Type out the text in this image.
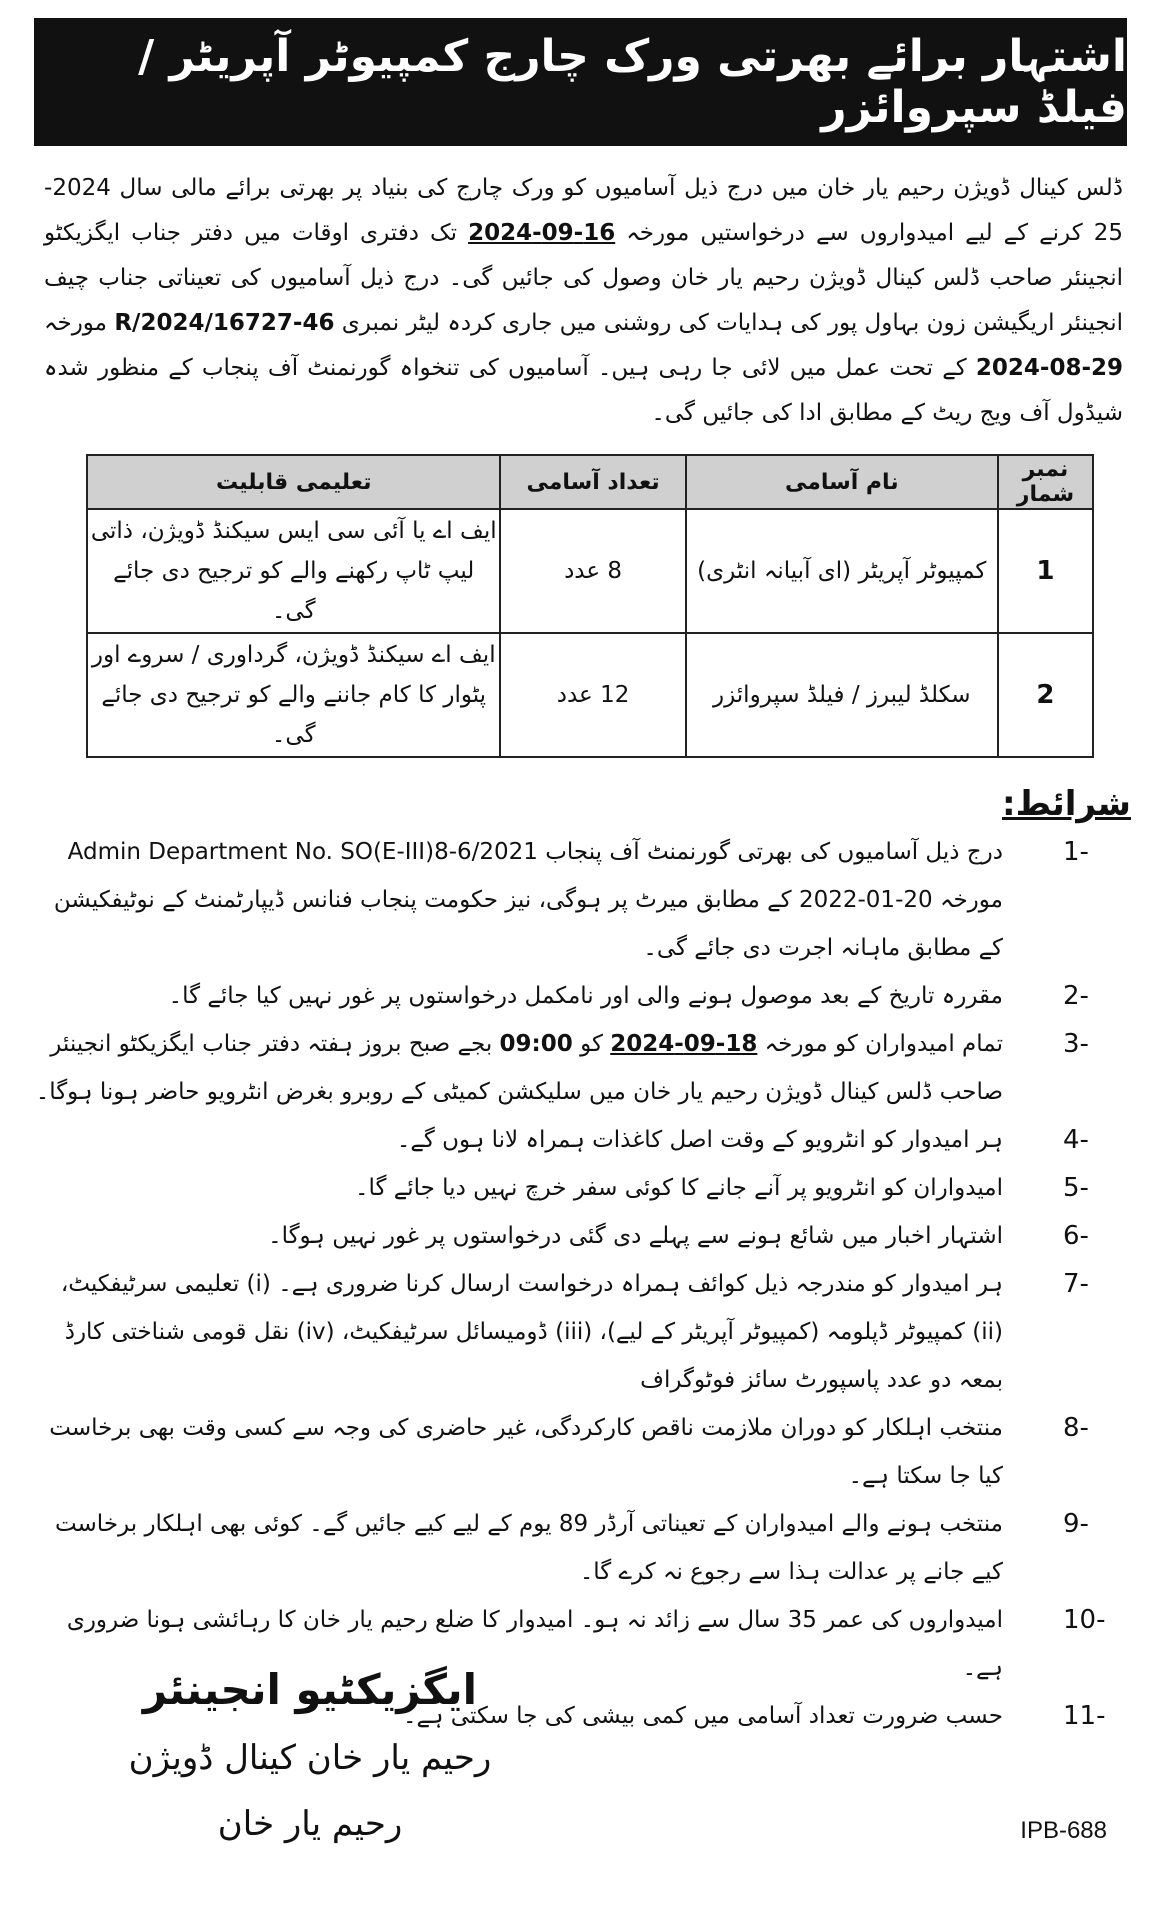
اشتہار برائے بھرتی ورک چارج کمپیوٹر آپریٹر / فیلڈ سپروائزر
ڈلس کینال ڈویژن رحیم یار خان میں درج ذیل آسامیوں کو ورک چارج کی بنیاد پر بھرتی برائے مالی سال 2024-25 کرنے کے لیے امیدواروں سے درخواستیں مورخہ 16-09-2024 تک دفتری اوقات میں دفتر جناب ایگزیکٹو انجینئر صاحب ڈلس کینال ڈویژن رحیم یار خان وصول کی جائیں گی۔ درج ذیل آسامیوں کی تعیناتی جناب چیف انجینئر اریگیشن زون بہاول پور کی ہدایات کی روشنی میں جاری کردہ لیٹر نمبری 46-16727/R/2024 مورخہ 29-08-2024 کے تحت عمل میں لائی جا رہی ہیں۔ آسامیوں کی تنخواہ گورنمنٹ آف پنجاب کے منظور شدہ شیڈول آف ویج ریٹ کے مطابق ادا کی جائیں گی۔
نمبر شمار	نام آسامی	تعداد آسامی	تعلیمی قابلیت
1	کمپیوٹر آپریٹر (ای آبیانہ انٹری)	8 عدد	ایف اے یا آئی سی ایس سیکنڈ ڈویژن، ذاتی لیپ ٹاپ رکھنے والے کو ترجیح دی جائے گی۔
2	سکلڈ لیبرز / فیلڈ سپروائزر	12 عدد	ایف اے سیکنڈ ڈویژن، گرداوری / سروے اور پٹوار کا کام جاننے والے کو ترجیح دی جائے گی۔
شرائط:
1-
درج ذیل آسامیوں کی بھرتی گورنمنٹ آف پنجاب Admin Department No. SO(E-III)8-6/2021 مورخہ 20-01-2022 کے مطابق میرٹ پر ہوگی، نیز حکومت پنجاب فنانس ڈیپارٹمنٹ کے نوٹیفکیشن کے مطابق ماہانہ اجرت دی جائے گی۔
2-
مقررہ تاریخ کے بعد موصول ہونے والی اور نامکمل درخواستوں پر غور نہیں کیا جائے گا۔
3-
تمام امیدواران کو مورخہ 18-09-2024 کو 09:00 بجے صبح بروز ہفتہ دفتر جناب ایگزیکٹو انجینئر صاحب ڈلس کینال ڈویژن رحیم یار خان میں سلیکشن کمیٹی کے روبرو بغرض انٹرویو حاضر ہونا ہوگا۔
4-
ہر امیدوار کو انٹرویو کے وقت اصل کاغذات ہمراہ لانا ہوں گے۔
5-
امیدواران کو انٹرویو پر آنے جانے کا کوئی سفر خرچ نہیں دیا جائے گا۔
6-
اشتہار اخبار میں شائع ہونے سے پہلے دی گئی درخواستوں پر غور نہیں ہوگا۔
7-
ہر امیدوار کو مندرجہ ذیل کوائف ہمراہ درخواست ارسال کرنا ضروری ہے۔ (i) تعلیمی سرٹیفکیٹ، (ii) کمپیوٹر ڈپلومہ (کمپیوٹر آپریٹر کے لیے)، (iii) ڈومیسائل سرٹیفکیٹ، (iv) نقل قومی شناختی کارڈ بمعہ دو عدد پاسپورٹ سائز فوٹوگراف
8-
منتخب اہلکار کو دوران ملازمت ناقص کارکردگی، غیر حاضری کی وجہ سے کسی وقت بھی برخاست کیا جا سکتا ہے۔
9-
منتخب ہونے والے امیدواران کے تعیناتی آرڈر 89 یوم کے لیے کیے جائیں گے۔ کوئی بھی اہلکار برخاست کیے جانے پر عدالت ہذا سے رجوع نہ کرے گا۔
10-
امیدواروں کی عمر 35 سال سے زائد نہ ہو۔ امیدوار کا ضلع رحیم یار خان کا رہائشی ہونا ضروری ہے۔
11-
حسب ضرورت تعداد آسامی میں کمی بیشی کی جا سکتی ہے۔
ایگزیکٹیو انجینئر
رحیم یار خان کینال ڈویژن
رحیم یار خان	IPB-688
